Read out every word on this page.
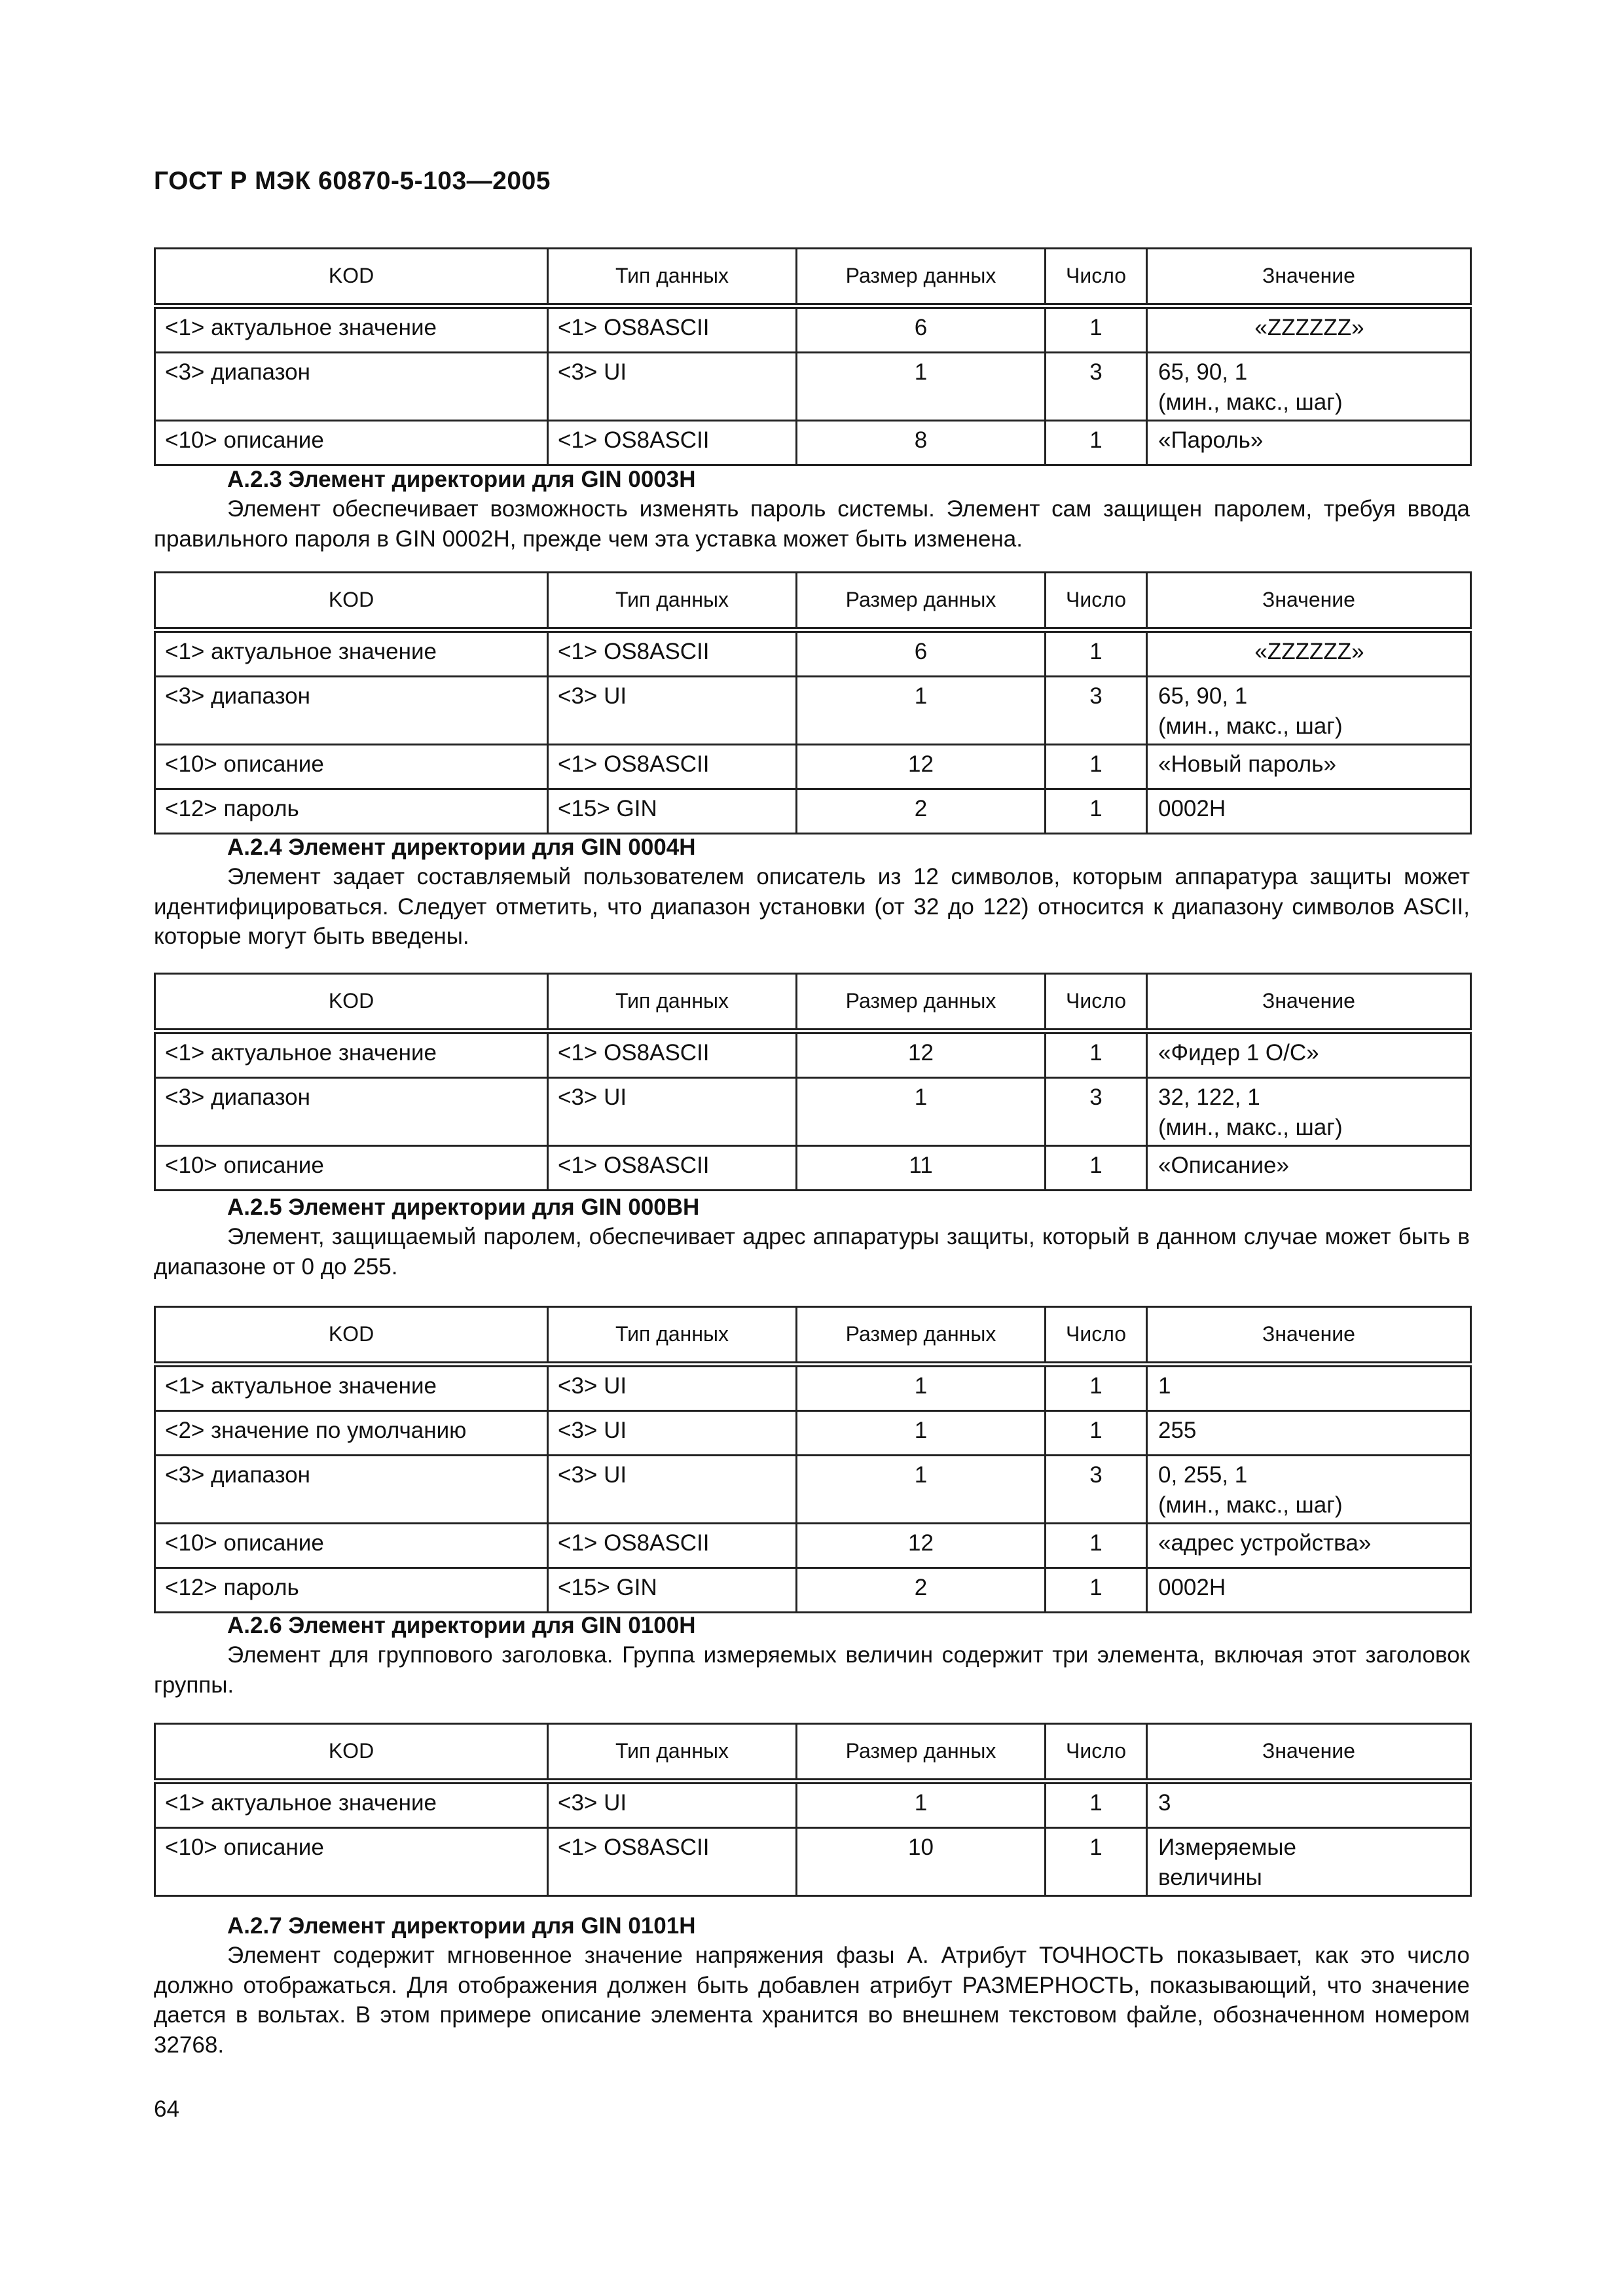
ГОСТ Р МЭК 60870-5-103—2005
KOD	Тип данных	Размер данных	Число	Значение
<1> актуальное значение	<1> OS8ASCII	6	1	«ZZZZZZ»
<3> диапазон	<3> UI	1	3	65, 90, 1
(мин., макс., шаг)
<10> описание	<1> OS8ASCII	8	1	«Пароль»
А.2.3 Элемент директории для GIN 0003H
Элемент обеспечивает возможность изменять пароль системы. Элемент сам защищен паролем, требуя ввода правильного пароля в GIN 0002H, прежде чем эта уставка может быть изменена.
KOD	Тип данных	Размер данных	Число	Значение
<1> актуальное значение	<1> OS8ASCII	6	1	«ZZZZZZ»
<3> диапазон	<3> UI	1	3	65, 90, 1
(мин., макс., шаг)
<10> описание	<1> OS8ASCII	12	1	«Новый пароль»
<12> пароль	<15> GIN	2	1	0002H
А.2.4 Элемент директории для GIN 0004H
Элемент задает составляемый пользователем описатель из 12 символов, которым аппаратура защиты может идентифицироваться. Следует отметить, что диапазон установки (от 32 до 122) относится к диапазону символов ASCII, которые могут быть введены.
KOD	Тип данных	Размер данных	Число	Значение
<1> актуальное значение	<1> OS8ASCII	12	1	«Фидер 1 О/С»
<3> диапазон	<3> UI	1	3	32, 122, 1
(мин., макс., шаг)
<10> описание	<1> OS8ASCII	11	1	«Описание»
А.2.5 Элемент директории для GIN 000BH
Элемент, защищаемый паролем, обеспечивает адрес аппаратуры защиты, который в данном случае может быть в диапазоне от 0 до 255.
KOD	Тип данных	Размер данных	Число	Значение
<1> актуальное значение	<3> UI	1	1	1
<2> значение по умолчанию	<3> UI	1	1	255
<3> диапазон	<3> UI	1	3	0, 255, 1
(мин., макс., шаг)
<10> описание	<1> OS8ASCII	12	1	«адрес устройства»
<12> пароль	<15> GIN	2	1	0002H
А.2.6 Элемент директории для GIN 0100H
Элемент для группового заголовка. Группа измеряемых величин содержит три элемента, включая этот заголовок группы.
KOD	Тип данных	Размер данных	Число	Значение
<1> актуальное значение	<3> UI	1	1	3
<10> описание	<1> OS8ASCII	10	1	Измеряемые
величины
А.2.7 Элемент директории для GIN 0101H
Элемент содержит мгновенное значение напряжения фазы А. Атрибут ТОЧНОСТЬ показывает, как это число должно отображаться. Для отображения должен быть добавлен атрибут РАЗМЕРНОСТЬ, показывающий, что значение дается в вольтах. В этом примере описание элемента хранится во внешнем текстовом файле, обозначенном номером 32768.
64
